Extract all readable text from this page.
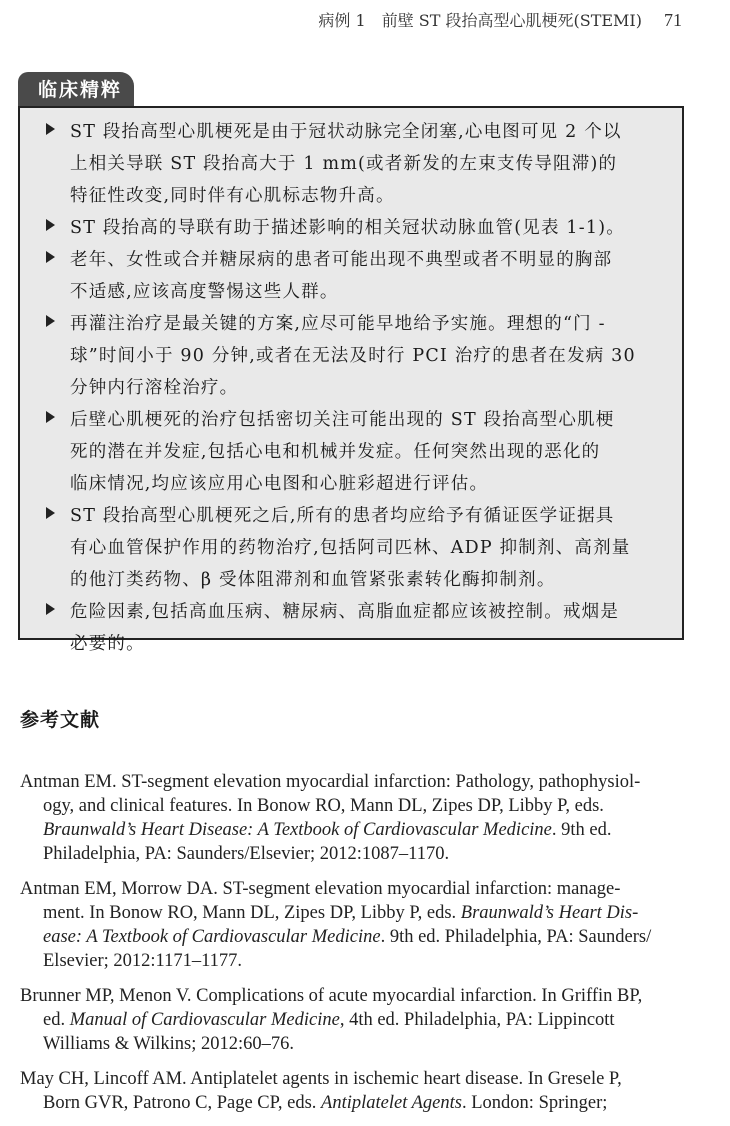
病例 1　前壁 ST 段抬高型心肌梗死(STEMI) 71
临床精粹
ST 段抬高型心肌梗死是由于冠状动脉完全闭塞,心电图可见 2 个以
上相关导联 ST 段抬高大于 1 mm(或者新发的左束支传导阻滞)的
特征性改变,同时伴有心肌标志物升高。
ST 段抬高的导联有助于描述影响的相关冠状动脉血管(见表 1-1)。
老年、女性或合并糖尿病的患者可能出现不典型或者不明显的胸部
不适感,应该高度警惕这些人群。
再灌注治疗是最关键的方案,应尽可能早地给予实施。理想的“门 -
球”时间小于 90 分钟,或者在无法及时行 PCI 治疗的患者在发病 30
分钟内行溶栓治疗。
后壁心肌梗死的治疗包括密切关注可能出现的 ST 段抬高型心肌梗
死的潜在并发症,包括心电和机械并发症。任何突然出现的恶化的
临床情况,均应该应用心电图和心脏彩超进行评估。
ST 段抬高型心肌梗死之后,所有的患者均应给予有循证医学证据具
有心血管保护作用的药物治疗,包括阿司匹林、ADP 抑制剂、高剂量
的他汀类药物、β 受体阻滞剂和血管紧张素转化酶抑制剂。
危险因素,包括高血压病、糖尿病、高脂血症都应该被控制。戒烟是
必要的。
参考文献
Antman EM. ST-segment elevation myocardial infarction: Pathology, pathophysiol-
ogy, and clinical features. In Bonow RO, Mann DL, Zipes DP, Libby P, eds.
Braunwald’s Heart Disease: A Textbook of Cardiovascular Medicine. 9th ed.
Philadelphia, PA: Saunders/Elsevier; 2012:1087–1170.
Antman EM, Morrow DA. ST-segment elevation myocardial infarction: manage-
ment. In Bonow RO, Mann DL, Zipes DP, Libby P, eds. Braunwald’s Heart Dis-
ease: A Textbook of Cardiovascular Medicine. 9th ed. Philadelphia, PA: Saunders/
Elsevier; 2012:1171–1177.
Brunner MP, Menon V. Complications of acute myocardial infarction. In Griffin BP,
ed. Manual of Cardiovascular Medicine, 4th ed. Philadelphia, PA: Lippincott
Williams & Wilkins; 2012:60–76.
May CH, Lincoff AM. Antiplatelet agents in ischemic heart disease. In Gresele P,
Born GVR, Patrono C, Page CP, eds. Antiplatelet Agents. London: Springer;
